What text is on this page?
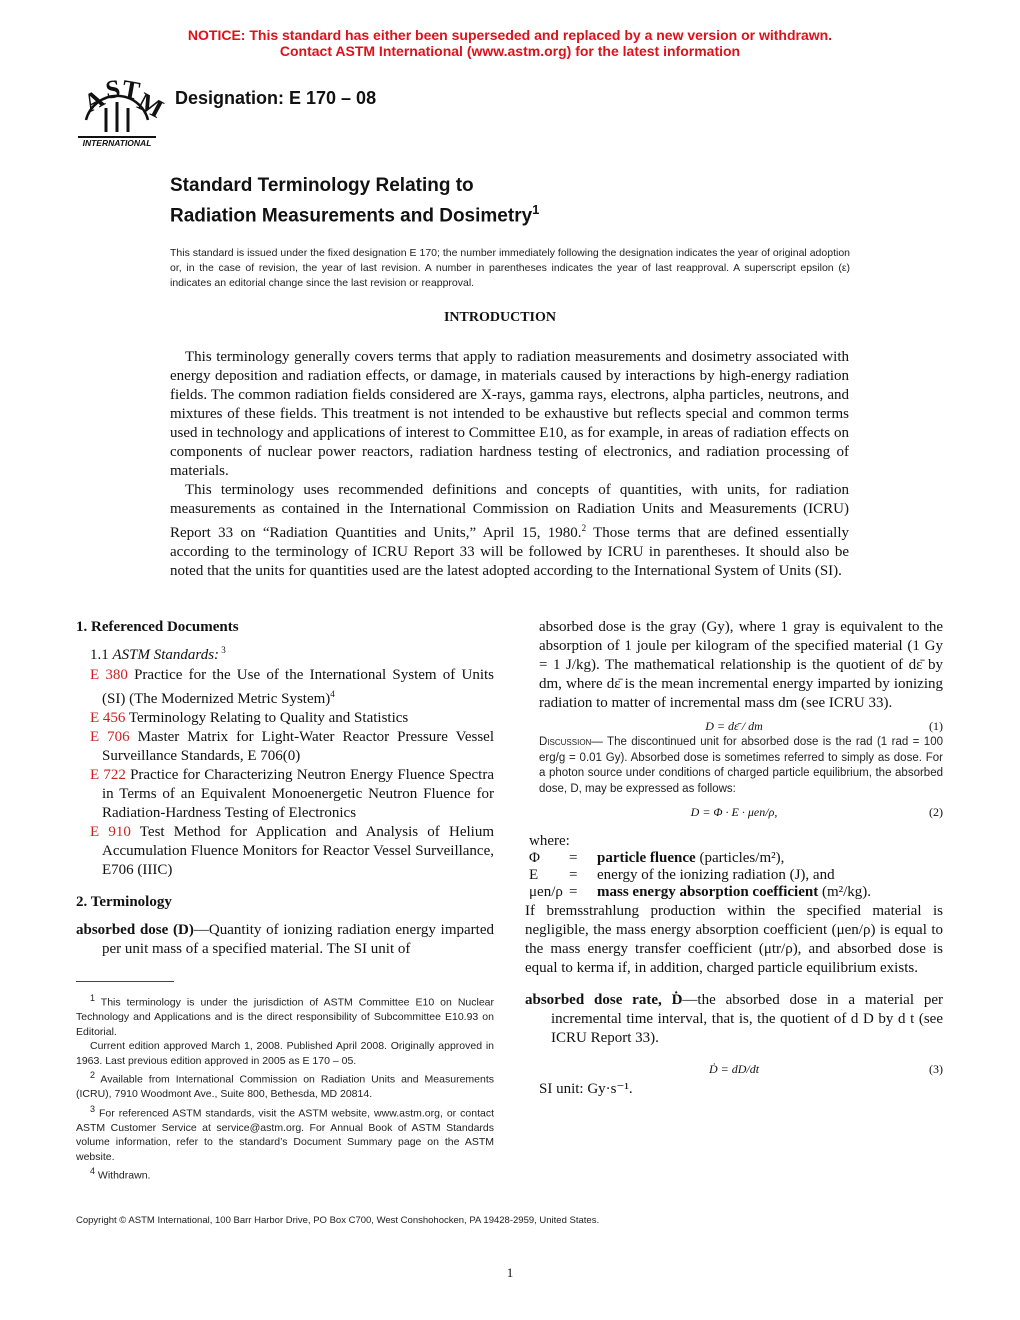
NOTICE: This standard has either been superseded and replaced by a new version or withdrawn.
Contact ASTM International (www.astm.org) for the latest information
A
S
T
M
INTERNATIONAL
Designation: E 170 – 08
Standard Terminology Relating to
Radiation Measurements and Dosimetry$^1$
This standard is issued under the fixed designation E 170; the number immediately following the designation indicates the year of original adoption or, in the case of revision, the year of last revision. A number in parentheses indicates the year of last reapproval. A superscript epsilon (ε) indicates an editorial change since the last revision or reapproval.
INTRODUCTION

This terminology generally covers terms that apply to radiation measurements and dosimetry associated with energy deposition and radiation effects, or damage, in materials caused by interactions by high-energy radiation fields. The common radiation fields considered are X-rays, gamma rays, electrons, alpha particles, neutrons, and mixtures of these fields. This treatment is not intended to be exhaustive but reflects special and common terms used in technology and applications of interest to Committee E10, as for example, in areas of radiation effects on components of nuclear power reactors, radiation hardness testing of electronics, and radiation processing of materials.

This terminology uses recommended definitions and concepts of quantities, with units, for radiation measurements as contained in the International Commission on Radiation Units and Measurements (ICRU) Report 33 on “Radiation Quantities and Units,” April 15, 1980.$^2$ Those terms that are defined essentially according to the terminology of ICRU Report 33 will be followed by ICRU in parentheses. It should also be noted that the units for quantities used are the latest adopted according to the International System of Units (SI).

1. Referenced Documents
1.1 ASTM Standards: $^3$

E 380 Practice for the Use of the International System of Units (SI) (The Modernized Metric System)$^4$

E 456 Terminology Relating to Quality and Statistics

E 706 Master Matrix for Light-Water Reactor Pressure Vessel Surveillance Standards, E 706(0)

E 722 Practice for Characterizing Neutron Energy Fluence Spectra in Terms of an Equivalent Monoenergetic Neutron Fluence for Radiation-Hardness Testing of Electronics

E 910 Test Method for Application and Analysis of Helium Accumulation Fluence Monitors for Reactor Vessel Surveillance, E706 (IIIC)

2. Terminology

absorbed dose (D)—Quantity of ionizing radiation energy imparted per unit mass of a specified material. The SI unit of

absorbed dose is the gray (Gy), where 1 gray is equivalent to the absorption of 1 joule per kilogram of the specified material (1 Gy = 1 J/kg). The mathematical relationship is the quotient of dε̄ by dm, where dε̄ is the mean incremental energy imparted by ionizing radiation to matter of incremental mass dm (see ICRU 33).

D = dε̄ / dm	(1)
Discussion— The discontinued unit for absorbed dose is the rad (1 rad = 100 erg/g = 0.01 Gy). Absorbed dose is sometimes referred to simply as dose. For a photon source under conditions of charged particle equilibrium, the absorbed dose, D, may be expressed as follows:
D = Φ · E · μen/ρ,	(2)
where:
Φ	=	particle fluence (particles/m²),
E	=	energy of the ionizing radiation (J), and
μen/ρ =	mass energy absorption coefficient (m²/kg).

If bremsstrahlung production within the specified material is negligible, the mass energy absorption coefficient (μen/ρ) is equal to the mass energy transfer coefficient (μtr/ρ), and absorbed dose is equal to kerma if, in addition, charged particle equilibrium exists.

absorbed dose rate, Ḋ—the absorbed dose in a material per incremental time interval, that is, the quotient of d D by d t (see ICRU Report 33).

Ḋ = dD/dt	(3)
SI unit: Gy·s⁻¹.

$^1$ This terminology is under the jurisdiction of ASTM Committee E10 on Nuclear Technology and Applications and is the direct responsibility of Subcommittee E10.93 on Editorial.

Current edition approved March 1, 2008. Published April 2008. Originally approved in 1963. Last previous edition approved in 2005 as E 170 – 05.

$^2$ Available from International Commission on Radiation Units and Measurements (ICRU), 7910 Woodmont Ave., Suite 800, Bethesda, MD 20814.

$^3$ For referenced ASTM standards, visit the ASTM website, www.astm.org, or contact ASTM Customer Service at service@astm.org. For Annual Book of ASTM Standards volume information, refer to the standard’s Document Summary page on the ASTM website.

$^4$ Withdrawn.

Copyright © ASTM International, 100 Barr Harbor Drive, PO Box C700, West Conshohocken, PA 19428-2959, United States.
1
